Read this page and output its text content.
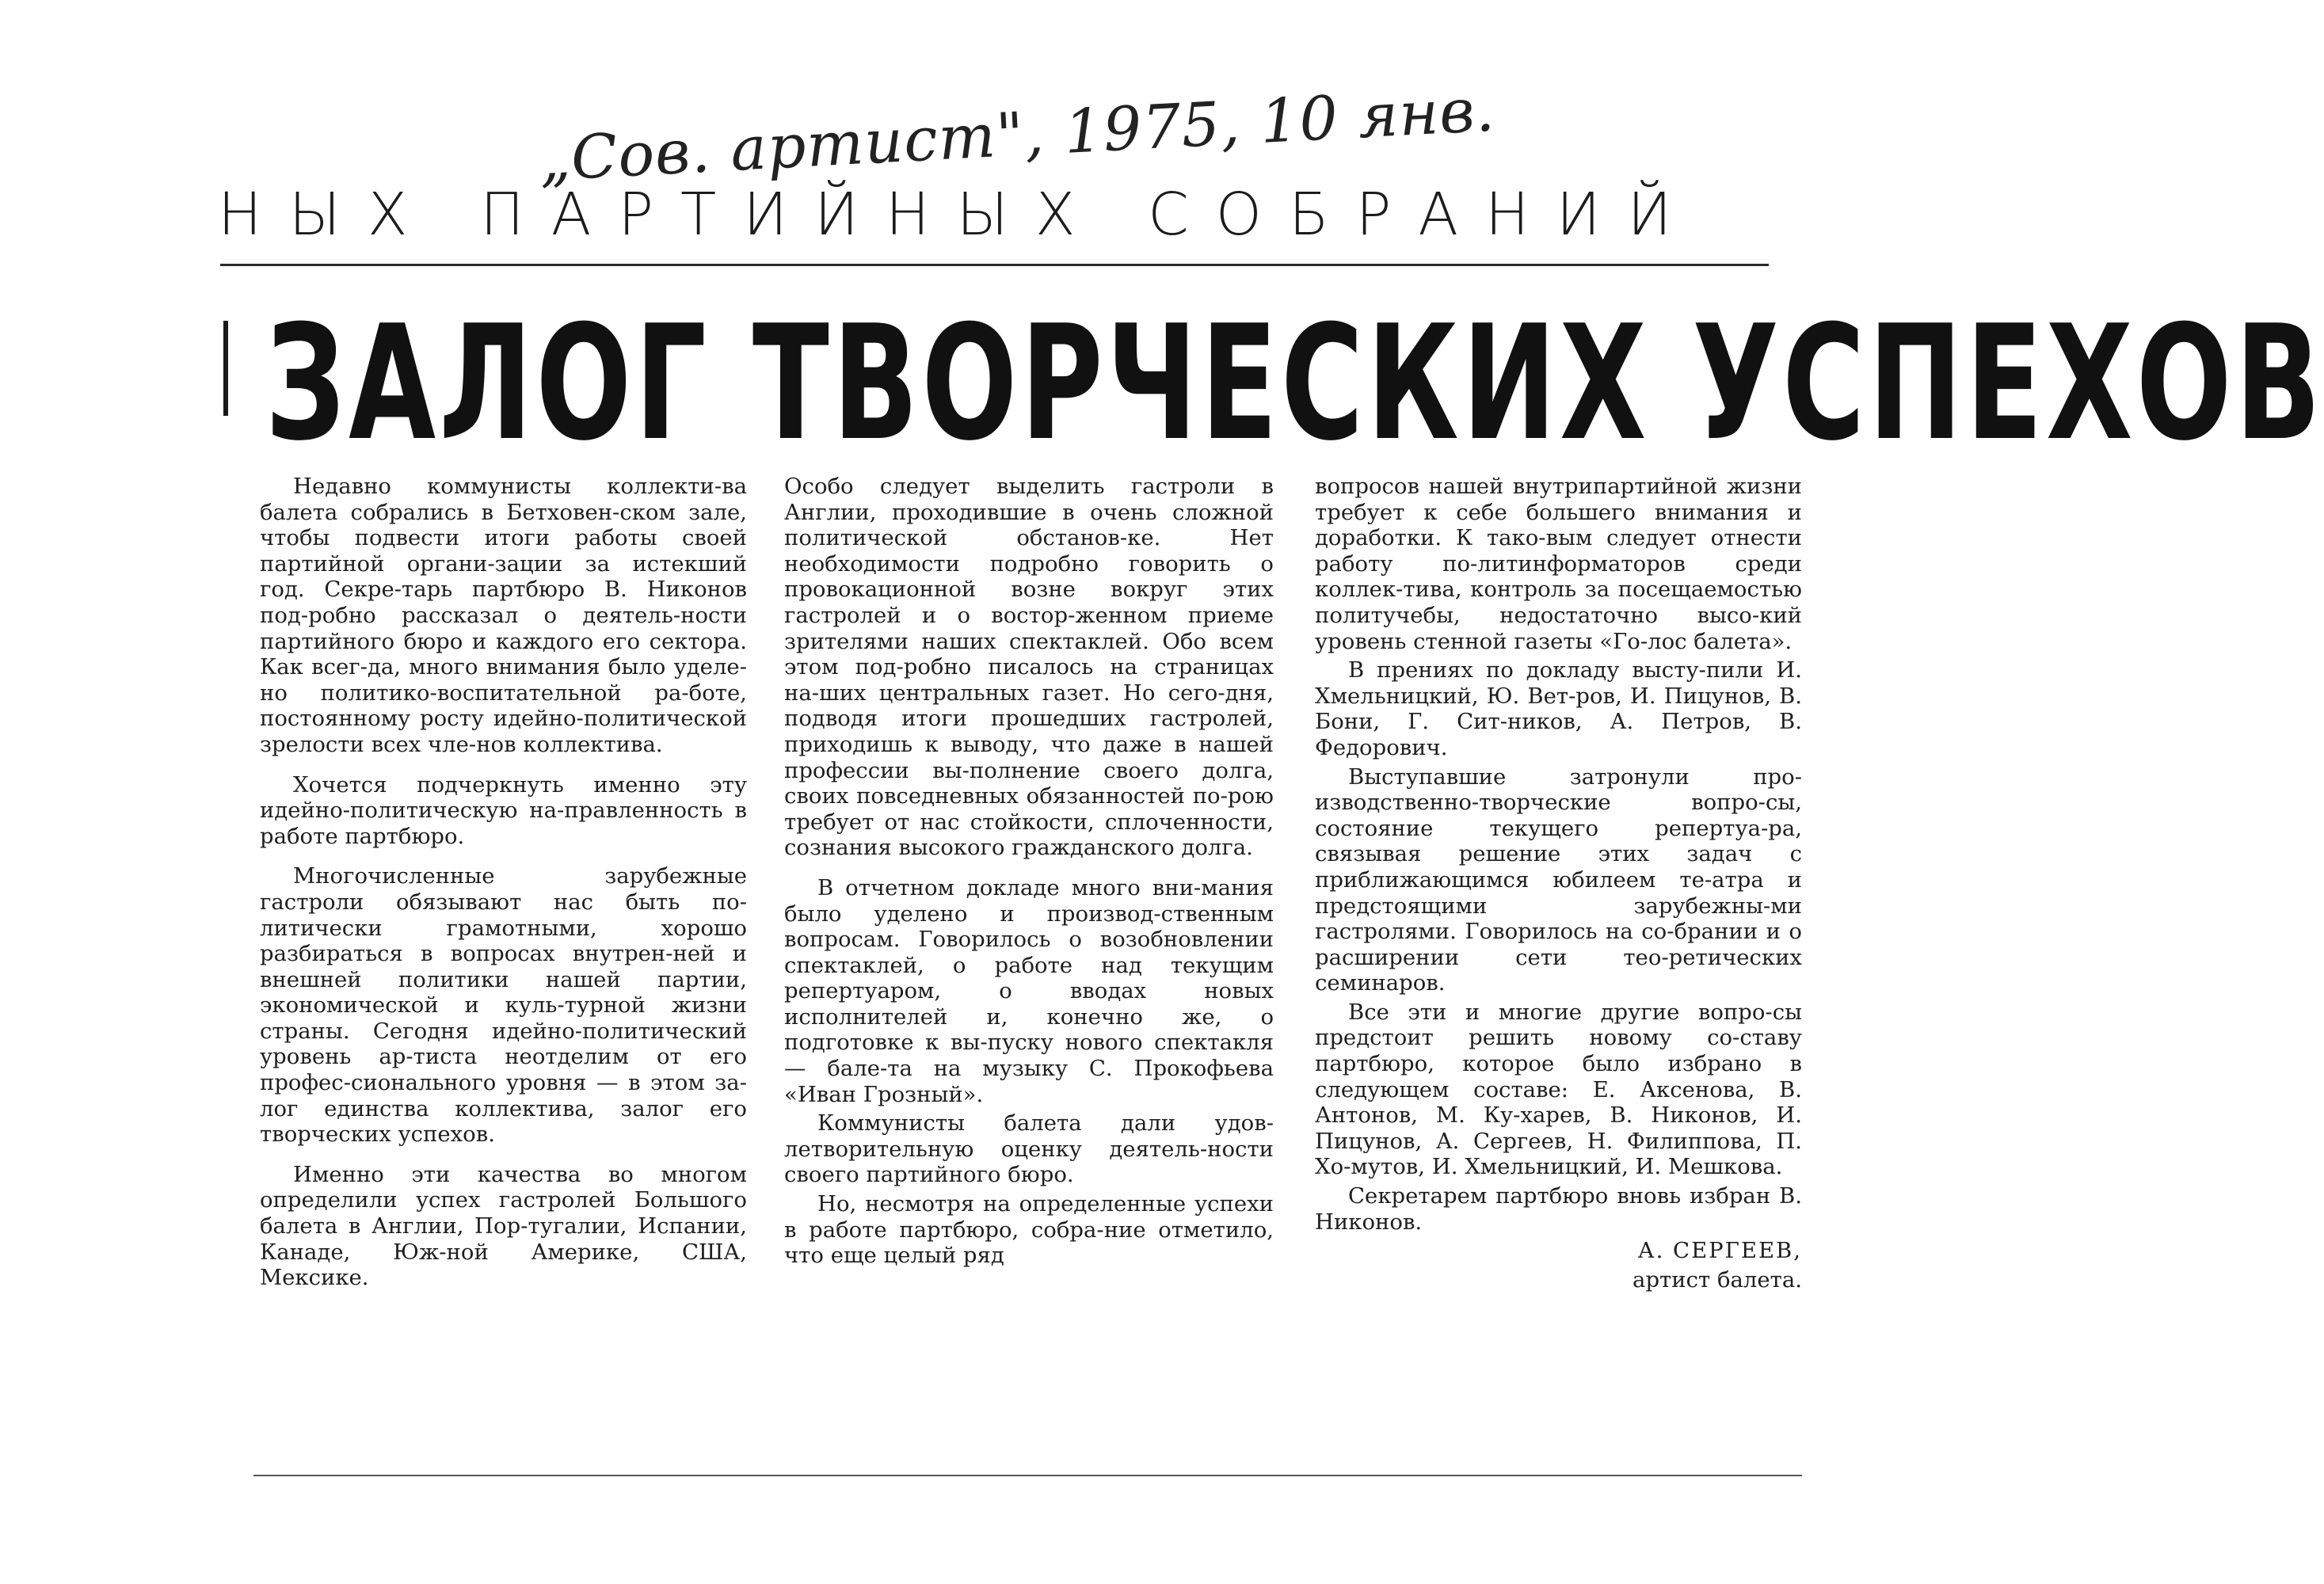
„Сов. артист", 1975, 10 янв.
НЫХ ПАРТИЙНЫХ СОБРАНИЙ
ЗАЛОГ ТВОРЧЕСКИХ УСПЕХОВ

Недавно коммунисты коллекти-ва балета собрались в Бетховен-ском зале, чтобы подвести итоги работы своей партийной органи-зации за истекший год. Секре-тарь партбюро В. Никонов под-робно рассказал о деятель-ности партийного бюро и каждого его сектора. Как всег-да, много внимания было уделе-но политико-воспитательной ра-боте, постоянному росту идейно-политической зрелости всех чле-нов коллектива.

Хочется подчеркнуть именно эту идейно-политическую на-правленность в работе партбюро.

Многочисленные зарубежные гастроли обязывают нас быть по-литически грамотными, хорошо разбираться в вопросах внутрен-ней и внешней политики нашей партии, экономической и куль-турной жизни страны. Сегодня идейно-политический уровень ар-тиста неотделим от его профес-сионального уровня — в этом за-лог единства коллектива, залог его творческих успехов.

Именно эти качества во многом определили успех гастролей Большого балета в Англии, Пор-тугалии, Испании, Канаде, Юж-ной Америке, США, Мексике.

Особо следует выделить гастроли в Англии, проходившие в очень сложной политической обстанов-ке. Нет необходимости подробно говорить о провокационной возне вокруг этих гастролей и о востор-женном приеме зрителями наших спектаклей. Обо всем этом под-робно писалось на страницах на-ших центральных газет. Но сего-дня, подводя итоги прошедших гастролей, приходишь к выводу, что даже в нашей профессии вы-полнение своего долга, своих повседневных обязанностей по-рою требует от нас стойкости, сплоченности, сознания высокого гражданского долга.

В отчетном докладе много вни-мания было уделено и производ-ственным вопросам. Говорилось о возобновлении спектаклей, о работе над текущим репертуаром, о вводах новых исполнителей и, конечно же, о подготовке к вы-пуску нового спектакля — бале-та на музыку С. Прокофьева «Иван Грозный».

Коммунисты балета дали удов-летворительную оценку деятель-ности своего партийного бюро.

Но, несмотря на определенные успехи в работе партбюро, собра-ние отметило, что еще целый ряд

вопросов нашей внутрипартийной жизни требует к себе большего внимания и доработки. К тако-вым следует отнести работу по-литинформаторов среди коллек-тива, контроль за посещаемостью политучебы, недостаточно высо-кий уровень стенной газеты «Го-лос балета».

В прениях по докладу высту-пили И. Хмельницкий, Ю. Вет-ров, И. Пицунов, В. Бони, Г. Сит-ников, А. Петров, В. Федорович.

Выступавшие затронули про-изводственно-творческие вопро-сы, состояние текущего репертуа-ра, связывая решение этих задач с приближающимся юбилеем те-атра и предстоящими зарубежны-ми гастролями. Говорилось на со-брании и о расширении сети тео-ретических семинаров.

Все эти и многие другие вопро-сы предстоит решить новому со-ставу партбюро, которое было избрано в следующем составе: Е. Аксенова, В. Антонов, М. Ку-харев, В. Никонов, И. Пицунов, А. Сергеев, Н. Филиппова, П. Хо-мутов, И. Хмельницкий, И. Мешкова.

Секретарем партбюро вновь избран В. Никонов.

А. СЕРГЕЕВ,

артист балета.
